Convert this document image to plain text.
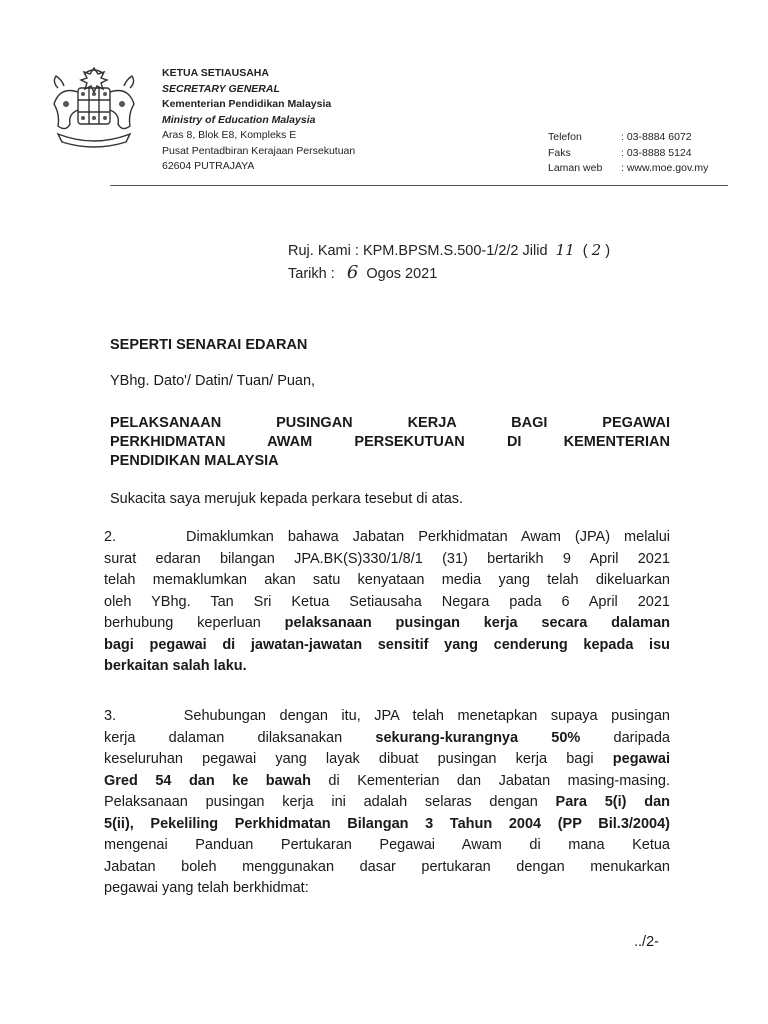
KETUA SETIAUSAHA
SECRETARY GENERAL
Kementerian Pendidikan Malaysia
Ministry of Education Malaysia
Aras 8, Blok E8, Kompleks E
Pusat Pentadbiran Kerajaan Persekutuan
62604 PUTRAJAYA
Telefon	: 03-8884 6072
Faks	: 03-8888 5124
Laman web	: www.moe.gov.my
Ruj. Kami : KPM.BPSM.S.500-1/2/2 Jilid 11 ( 2 )
Tarikh : 6 Ogos 2021
SEPERTI SENARAI EDARAN
YBhg. Dato'/ Datin/ Tuan/ Puan,
PELAKSANAAN PUSINGAN KERJA BAGI PEGAWAI
PERKHIDMATAN AWAM PERSEKUTUAN DI KEMENTERIAN
PENDIDIKAN MALAYSIA
Sukacita saya merujuk kepada perkara tesebut di atas.
2.     Dimaklumkan bahawa Jabatan Perkhidmatan Awam (JPA) melalui
surat edaran bilangan JPA.BK(S)330/1/8/1 (31) bertarikh 9 April 2021
telah memaklumkan akan satu kenyataan media yang telah dikeluarkan
oleh YBhg. Tan Sri Ketua Setiausaha Negara pada 6 April 2021
berhubung keperluan pelaksanaan pusingan kerja secara dalaman
bagi pegawai di jawatan-jawatan sensitif yang cenderung kepada isu
berkaitan salah laku.
3.     Sehubungan dengan itu, JPA telah menetapkan supaya pusingan
kerja dalaman dilaksanakan sekurang-kurangnya 50% daripada
keseluruhan pegawai yang layak dibuat pusingan kerja bagi pegawai
Gred 54 dan ke bawah di Kementerian dan Jabatan masing-masing.
Pelaksanaan pusingan kerja ini adalah selaras dengan Para 5(i) dan
5(ii), Pekeliling Perkhidmatan Bilangan 3 Tahun 2004 (PP Bil.3/2004)
mengenai Panduan Pertukaran Pegawai Awam di mana Ketua
Jabatan boleh menggunakan dasar pertukaran dengan menukarkan
pegawai yang telah berkhidmat:
../2-
